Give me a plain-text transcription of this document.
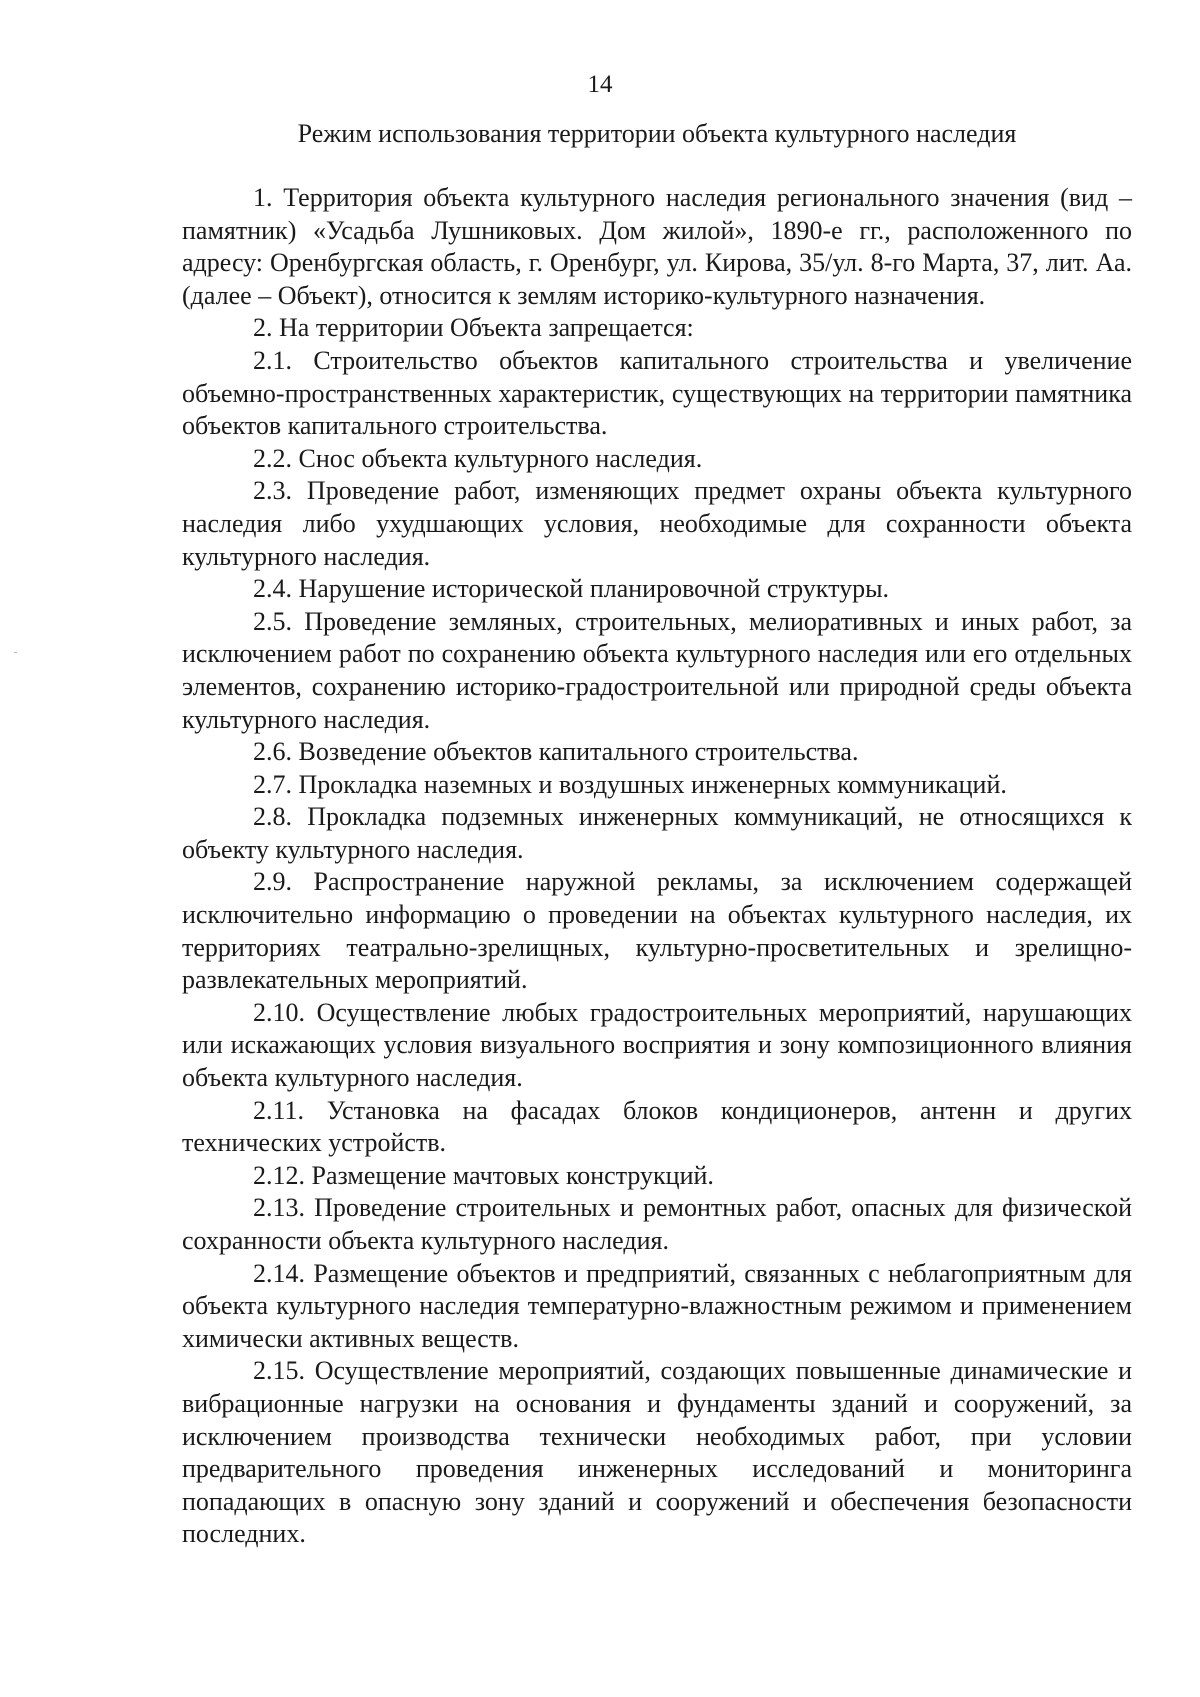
14
Режим использования территории объекта культурного наследия

1. Территория объекта культурного наследия регионального значения (вид – памятник) «Усадьба Лушниковых. Дом жилой», 1890-е гг., расположенного по адресу: Оренбургская область, г. Оренбург, ул. Кирова, 35/ул. 8-го Марта, 37, лит. Аа. (далее – Объект), относится к землям историко-культурного назначения.

2. На территории Объекта запрещается:

2.1. Строительство объектов капитального строительства и увеличение объемно-пространственных характеристик, существующих на территории памятника объектов капитального строительства.

2.2. Снос объекта культурного наследия.

2.3. Проведение работ, изменяющих предмет охраны объекта культурного наследия либо ухудшающих условия, необходимые для сохранности объекта культурного наследия.

2.4. Нарушение исторической планировочной структуры.

2.5. Проведение земляных, строительных, мелиоративных и иных работ, за исключением работ по сохранению объекта культурного наследия или его отдельных элементов, сохранению историко-градостроительной или природной среды объекта культурного наследия.

2.6. Возведение объектов капитального строительства.

2.7. Прокладка наземных и воздушных инженерных коммуникаций.

2.8. Прокладка подземных инженерных коммуникаций, не относящихся к объекту культурного наследия.

2.9. Распространение наружной рекламы, за исключением содержащей исключительно информацию о проведении на объектах культурного наследия, их территориях театрально-зрелищных, культурно-просветительных и зрелищно-развлекательных мероприятий.

2.10. Осуществление любых градостроительных мероприятий, нарушающих или искажающих условия визуального восприятия и зону композиционного влияния объекта культурного наследия.

2.11. Установка на фасадах блоков кондиционеров, антенн и других технических устройств.

2.12. Размещение мачтовых конструкций.

2.13. Проведение строительных и ремонтных работ, опасных для физической сохранности объекта культурного наследия.

2.14. Размещение объектов и предприятий, связанных с неблагоприятным для объекта культурного наследия температурно-влажностным режимом и применением химически активных веществ.

2.15. Осуществление мероприятий, создающих повышенные динамические и вибрационные нагрузки на основания и фундаменты зданий и сооружений, за исключением производства технически необходимых работ, при условии предварительного проведения инженерных исследований и мониторинга попадающих в опасную зону зданий и сооружений и обеспечения безопасности последних.
